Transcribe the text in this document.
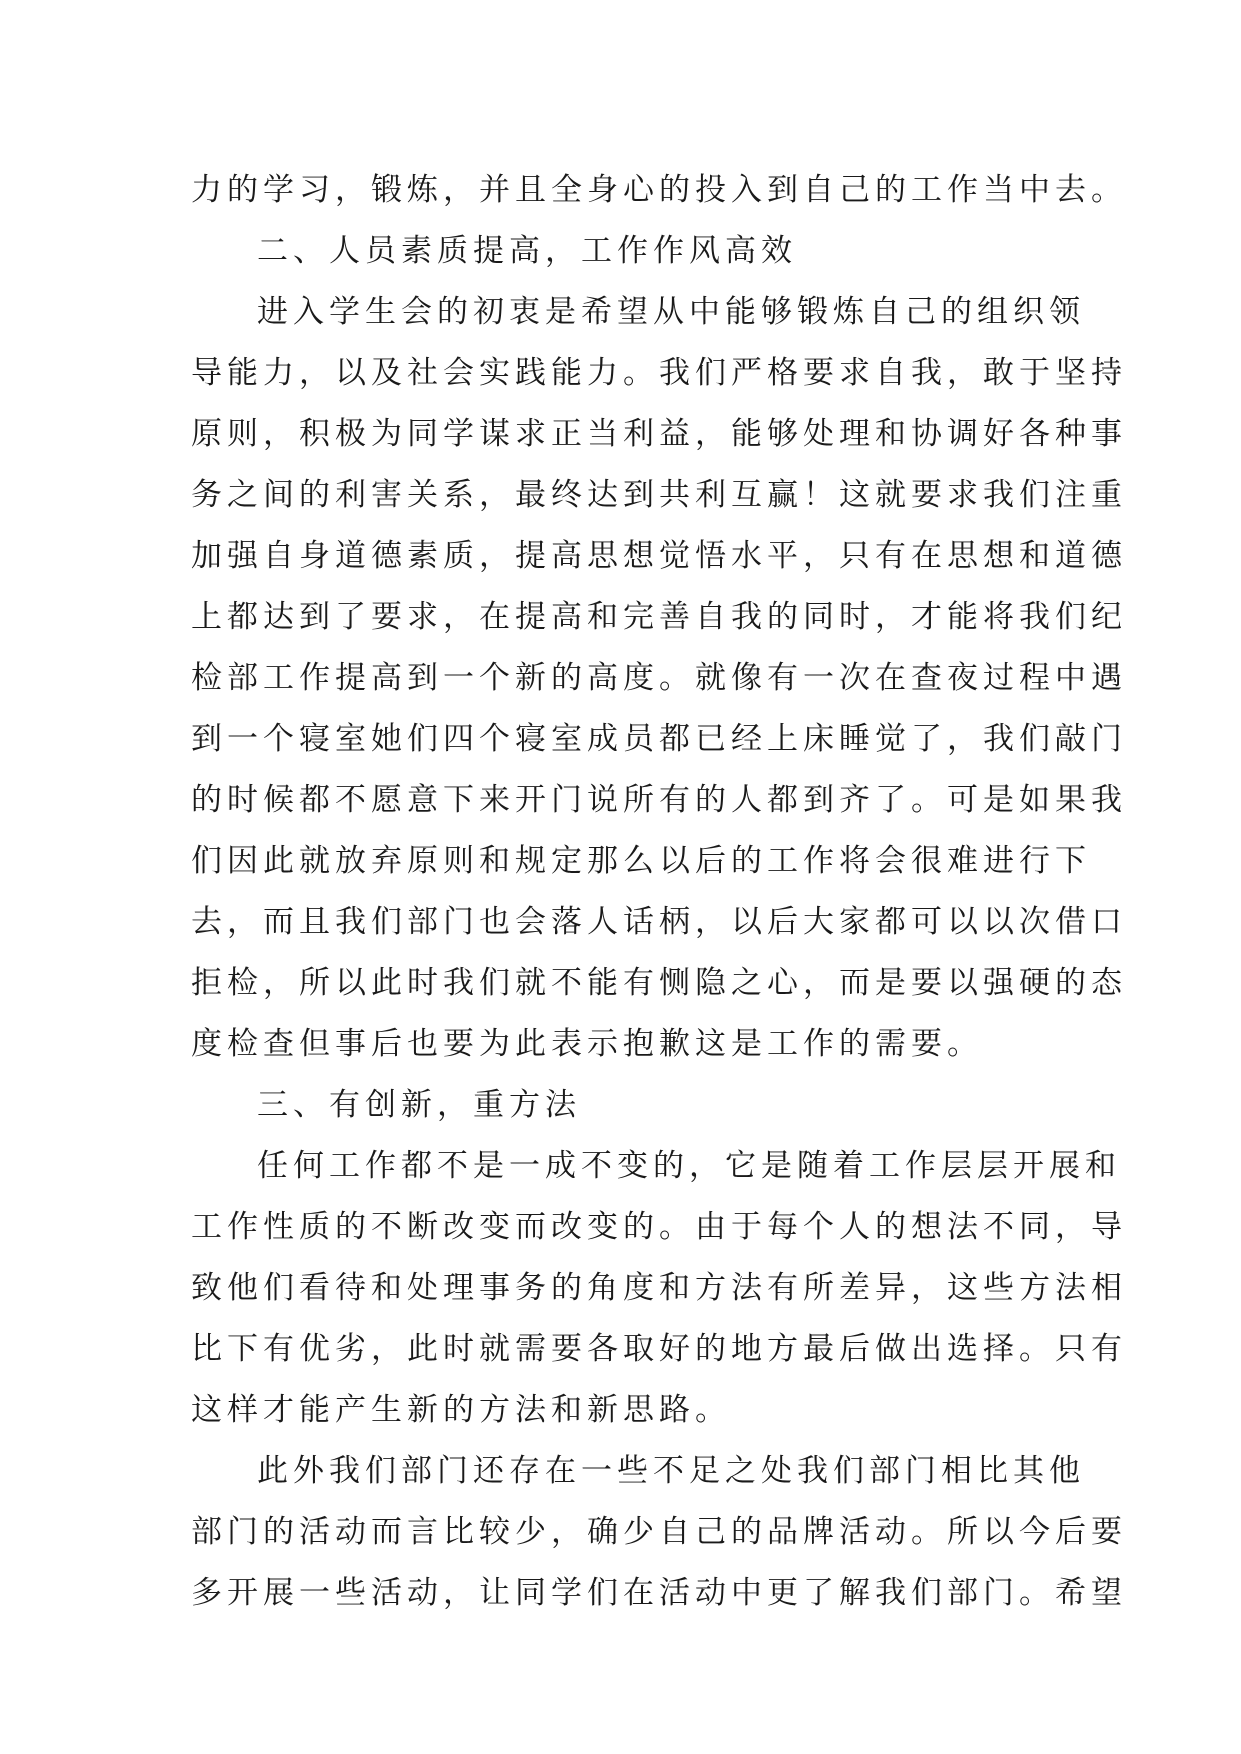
力的学习，锻炼，并且全身心的投入到自己的工作当中去。
二、人员素质提高，工作作风高效
进入学生会的初衷是希望从中能够锻炼自己的组织领
导能力，以及社会实践能力。我们严格要求自我，敢于坚持
原则，积极为同学谋求正当利益，能够处理和协调好各种事
务之间的利害关系，最终达到共利互赢！这就要求我们注重
加强自身道德素质，提高思想觉悟水平，只有在思想和道德
上都达到了要求，在提高和完善自我的同时，才能将我们纪
检部工作提高到一个新的高度。就像有一次在查夜过程中遇
到一个寝室她们四个寝室成员都已经上床睡觉了，我们敲门
的时候都不愿意下来开门说所有的人都到齐了。可是如果我
们因此就放弃原则和规定那么以后的工作将会很难进行下
去，而且我们部门也会落人话柄，以后大家都可以以次借口
拒检，所以此时我们就不能有恻隐之心，而是要以强硬的态
度检查但事后也要为此表示抱歉这是工作的需要。
三、有创新，重方法
任何工作都不是一成不变的，它是随着工作层层开展和
工作性质的不断改变而改变的。由于每个人的想法不同，导
致他们看待和处理事务的角度和方法有所差异，这些方法相
比下有优劣，此时就需要各取好的地方最后做出选择。只有
这样才能产生新的方法和新思路。
此外我们部门还存在一些不足之处我们部门相比其他
部门的活动而言比较少，确少自己的品牌活动。所以今后要
多开展一些活动，让同学们在活动中更了解我们部门。希望
